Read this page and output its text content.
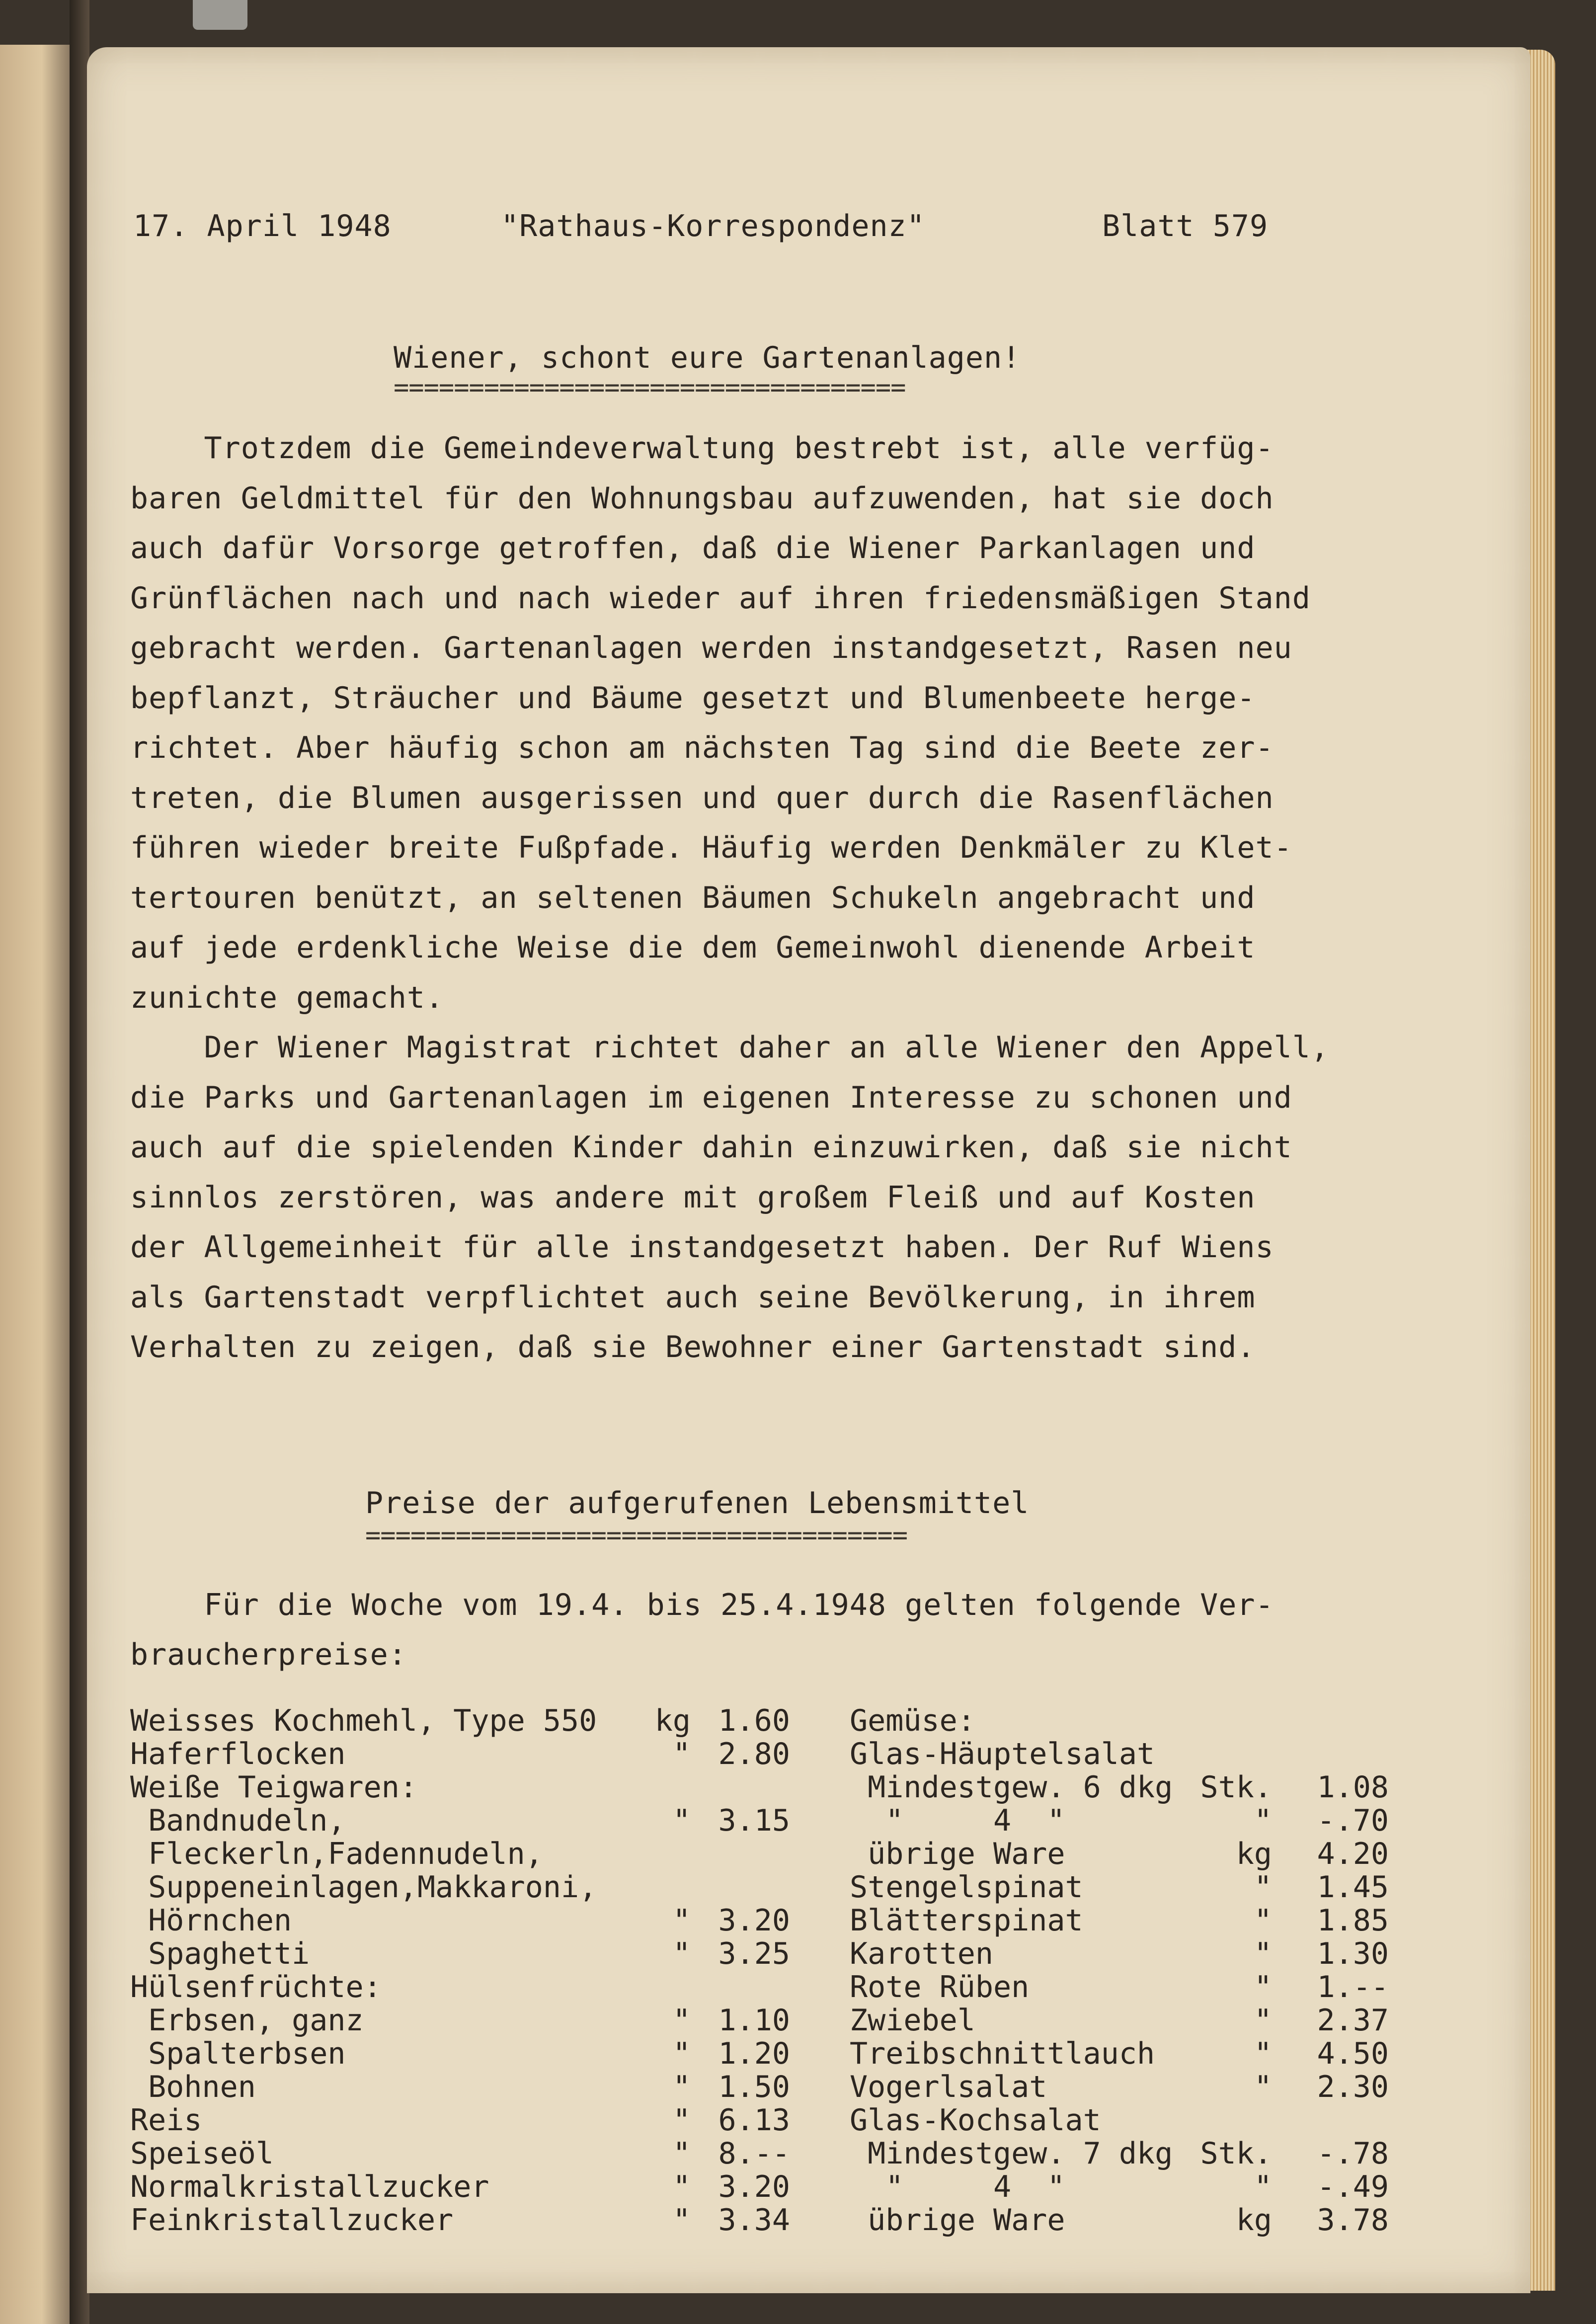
17. April 1948	"Rathaus-Korrespondenz"	Blatt 579
Wiener, schont eure Gartenanlagen!
==================================
Trotzdem die Gemeindeverwaltung bestrebt ist, alle verfüg-
baren Geldmittel für den Wohnungsbau aufzuwenden, hat sie doch
auch dafür Vorsorge getroffen, daß die Wiener Parkanlagen und
Grünflächen nach und nach wieder auf ihren friedensmäßigen Stand
gebracht werden. Gartenanlagen werden instandgesetzt, Rasen neu
bepflanzt, Sträucher und Bäume gesetzt und Blumenbeete herge-
richtet. Aber häufig schon am nächsten Tag sind die Beete zer-
treten, die Blumen ausgerissen und quer durch die Rasenflächen
führen wieder breite Fußpfade. Häufig werden Denkmäler zu Klet-
tertouren benützt, an seltenen Bäumen Schukeln angebracht und
auf jede erdenkliche Weise die dem Gemeinwohl dienende Arbeit
zunichte gemacht.
Der Wiener Magistrat richtet daher an alle Wiener den Appell,
die Parks und Gartenanlagen im eigenen Interesse zu schonen und
auch auf die spielenden Kinder dahin einzuwirken, daß sie nicht
sinnlos zerstören, was andere mit großem Fleiß und auf Kosten
der Allgemeinheit für alle instandgesetzt haben. Der Ruf Wiens
als Gartenstadt verpflichtet auch seine Bevölkerung, in ihrem
Verhalten zu zeigen, daß sie Bewohner einer Gartenstadt sind.
Preise der aufgerufenen Lebensmittel
====================================
Für die Woche vom 19.4. bis 25.4.1948 gelten folgende Ver-
braucherpreise:
Weisses Kochmehl, Type 550	kg 1.60
Haferflocken	" 2.80
Weiße Teigwaren:
Bandnudeln,	" 3.15
Fleckerln,Fadennudeln,
Suppeneinlagen,Makkaroni,
Hörnchen	" 3.20
Spaghetti	" 3.25
Hülsenfrüchte:
Erbsen, ganz	" 1.10
Spalterbsen	" 1.20
Bohnen	" 1.50
Reis	" 6.13
Speiseöl	" 8.--
Normalkristallzucker	" 3.20
Feinkristallzucker	" 3.34
Gemüse:
Glas-Häuptelsalat
Mindestgew. 6 dkg Stk.	1.08
"     4  "	"	-.70
übrige Ware	kg	4.20
Stengelspinat	"	1.45
Blätterspinat	"	1.85
Karotten	"	1.30
Rote Rüben	"	1.--
Zwiebel	"	2.37
Treibschnittlauch	"	4.50
Vogerlsalat	"	2.30
Glas-Kochsalat
Mindestgew. 7 dkg Stk.	-.78
"     4  "	"	-.49
übrige Ware	kg	3.78
